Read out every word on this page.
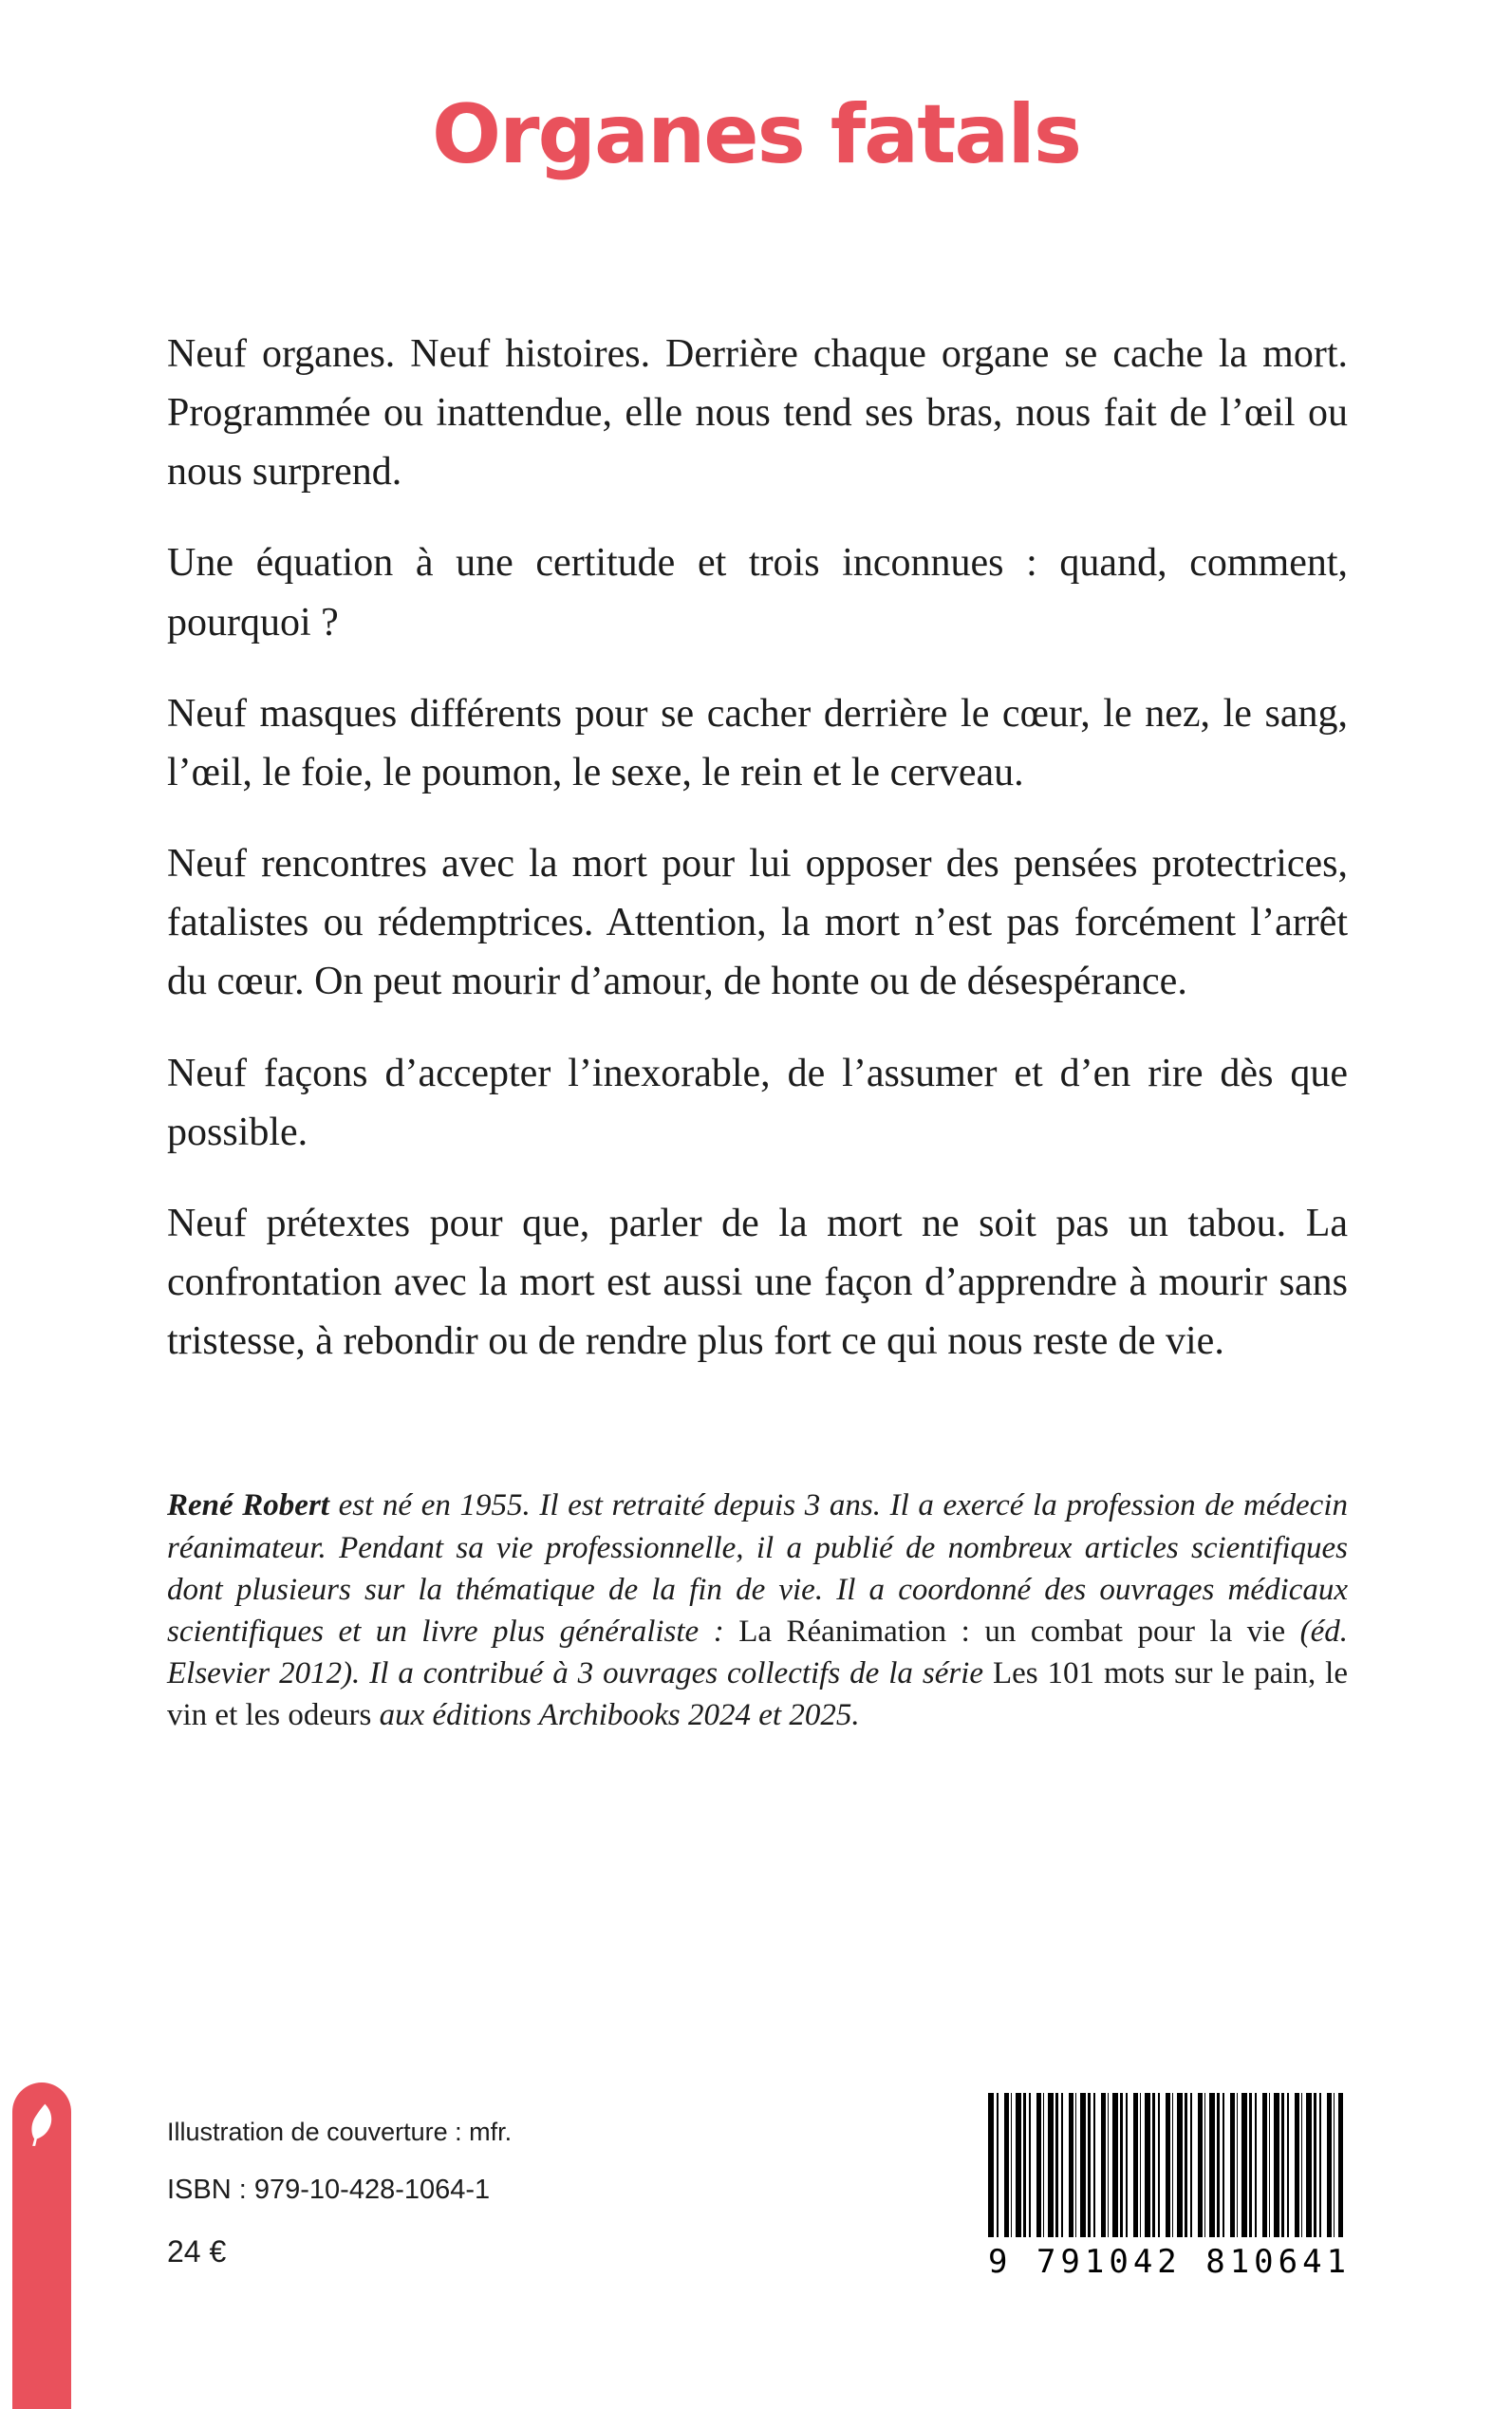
Organes fatals

Neuf organes. Neuf histoires. Derrière chaque organe se cache la mort. Programmée ou inattendue, elle nous tend ses bras, nous fait de l’œil ou nous surprend.

Une équation à une certitude et trois inconnues : quand, comment, pourquoi ?

Neuf masques différents pour se cacher derrière le cœur, le nez, le sang, l’œil, le foie, le poumon, le sexe, le rein et le cerveau.

Neuf rencontres avec la mort pour lui opposer des pensées protectrices, fatalistes ou rédemptrices. Attention, la mort n’est pas forcément l’arrêt du cœur. On peut mourir d’amour, de honte ou de désespérance.

Neuf façons d’accepter l’inexorable, de l’assumer et d’en rire dès que possible.

Neuf prétextes pour que, parler de la mort ne soit pas un tabou. La confrontation avec la mort est aussi une façon d’apprendre à mourir sans tristesse, à rebondir ou de rendre plus fort ce qui nous reste de vie.

René Robert est né en 1955. Il est retraité depuis 3 ans. Il a exercé la profession de médecin réanimateur. Pendant sa vie professionnelle, il a publié de nombreux articles scientifiques dont plusieurs sur la thématique de la fin de vie. Il a coordonné des ouvrages médicaux scientifiques et un livre plus généraliste : La Réanimation : un combat pour la vie (éd. Elsevier 2012). Il a contribué à 3 ouvrages collectifs de la série Les 101 mots sur le pain, le vin et les odeurs aux éditions Archibooks 2024 et 2025.

Illustration de couverture : mfr.

ISBN : 979-10-428-1064-1

24 €	9 791042 810641
